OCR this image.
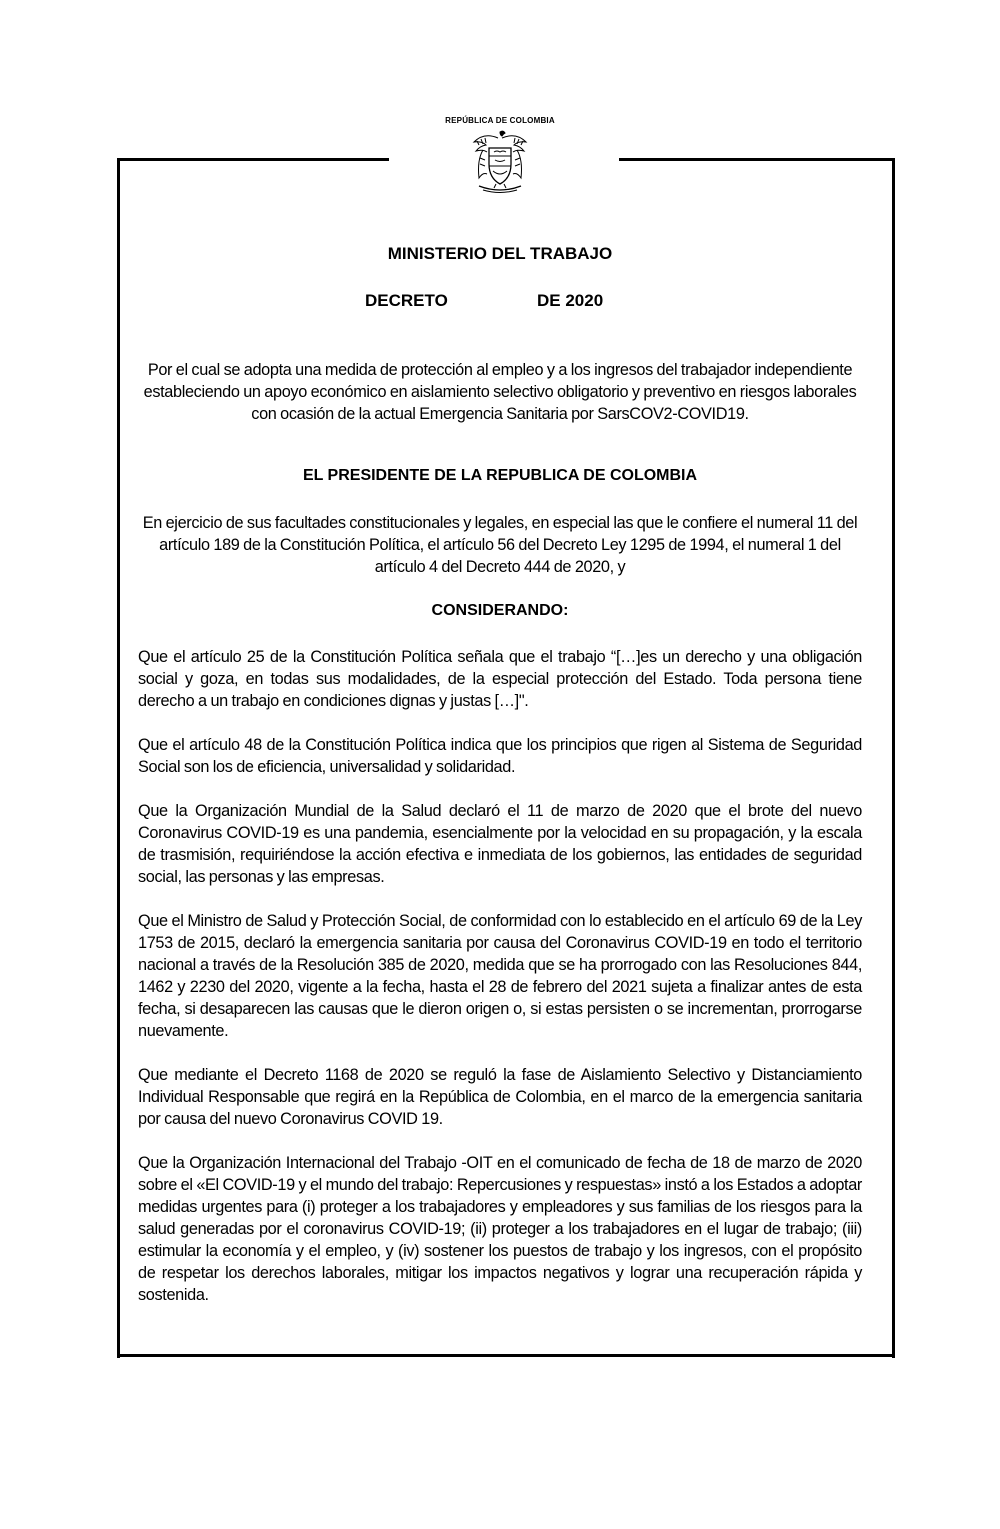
REPÚBLICA DE COLOMBIA
MINISTERIO DEL TRABAJO
DECRETO	DE 2020
Por el cual se adopta una medida de protección al empleo y a los ingresos del trabajador independiente estableciendo un apoyo económico en aislamiento selectivo obligatorio y preventivo en riesgos laborales con ocasión de la actual Emergencia Sanitaria por SarsCOV2-COVID19.
EL PRESIDENTE DE LA REPUBLICA DE COLOMBIA
En ejercicio de sus facultades constitucionales y legales, en especial las que le confiere el numeral 11 del artículo 189 de la Constitución Política, el artículo 56 del Decreto Ley 1295 de 1994, el numeral 1 del artículo 4 del Decreto 444 de 2020, y
CONSIDERANDO:

Que el artículo 25 de la Constitución Política señala que el trabajo “[…]es un derecho y una obligación social y goza, en todas sus modalidades, de la especial protección del Estado. Toda persona tiene derecho a un trabajo en condiciones dignas y justas […]".

Que el artículo 48 de la Constitución Política indica que los principios que rigen al Sistema de Seguridad Social son los de eficiencia, universalidad y solidaridad.

Que la Organización Mundial de la Salud declaró el 11 de marzo de 2020 que el brote del nuevo Coronavirus COVID-19 es una pandemia, esencialmente por la velocidad en su propagación, y la escala de trasmisión, requiriéndose la acción efectiva e inmediata de los gobiernos, las entidades de seguridad social, las personas y las empresas.

Que el Ministro de Salud y Protección Social, de conformidad con lo establecido en el artículo 69 de la Ley 1753 de 2015, declaró la emergencia sanitaria por causa del Coronavirus COVID-19 en todo el territorio nacional a través de la Resolución 385 de 2020, medida que se ha prorrogado con las Resoluciones 844, 1462 y 2230 del 2020, vigente a la fecha, hasta el 28 de febrero del 2021 sujeta a finalizar antes de esta fecha, si desaparecen las causas que le dieron origen o, si estas persisten o se incrementan, prorrogarse nuevamente.

Que mediante el Decreto 1168 de 2020 se reguló la fase de Aislamiento Selectivo y Distanciamiento Individual Responsable que regirá en la República de Colombia, en el marco de la emergencia sanitaria por causa del nuevo Coronavirus COVID 19.

Que la Organización Internacional del Trabajo -OIT en el comunicado de fecha de 18 de marzo de 2020 sobre el «El COVID-19 y el mundo del trabajo: Repercusiones y respuestas» instó a los Estados a adoptar medidas urgentes para (i) proteger a los trabajadores y empleadores y sus familias de los riesgos para la salud generadas por el coronavirus COVID-19; (ii) proteger a los trabajadores en el lugar de trabajo; (iii) estimular la economía y el empleo, y (iv) sostener los puestos de trabajo y los ingresos, con el propósito de respetar los derechos laborales, mitigar los impactos negativos y lograr una recuperación rápida y sostenida.
